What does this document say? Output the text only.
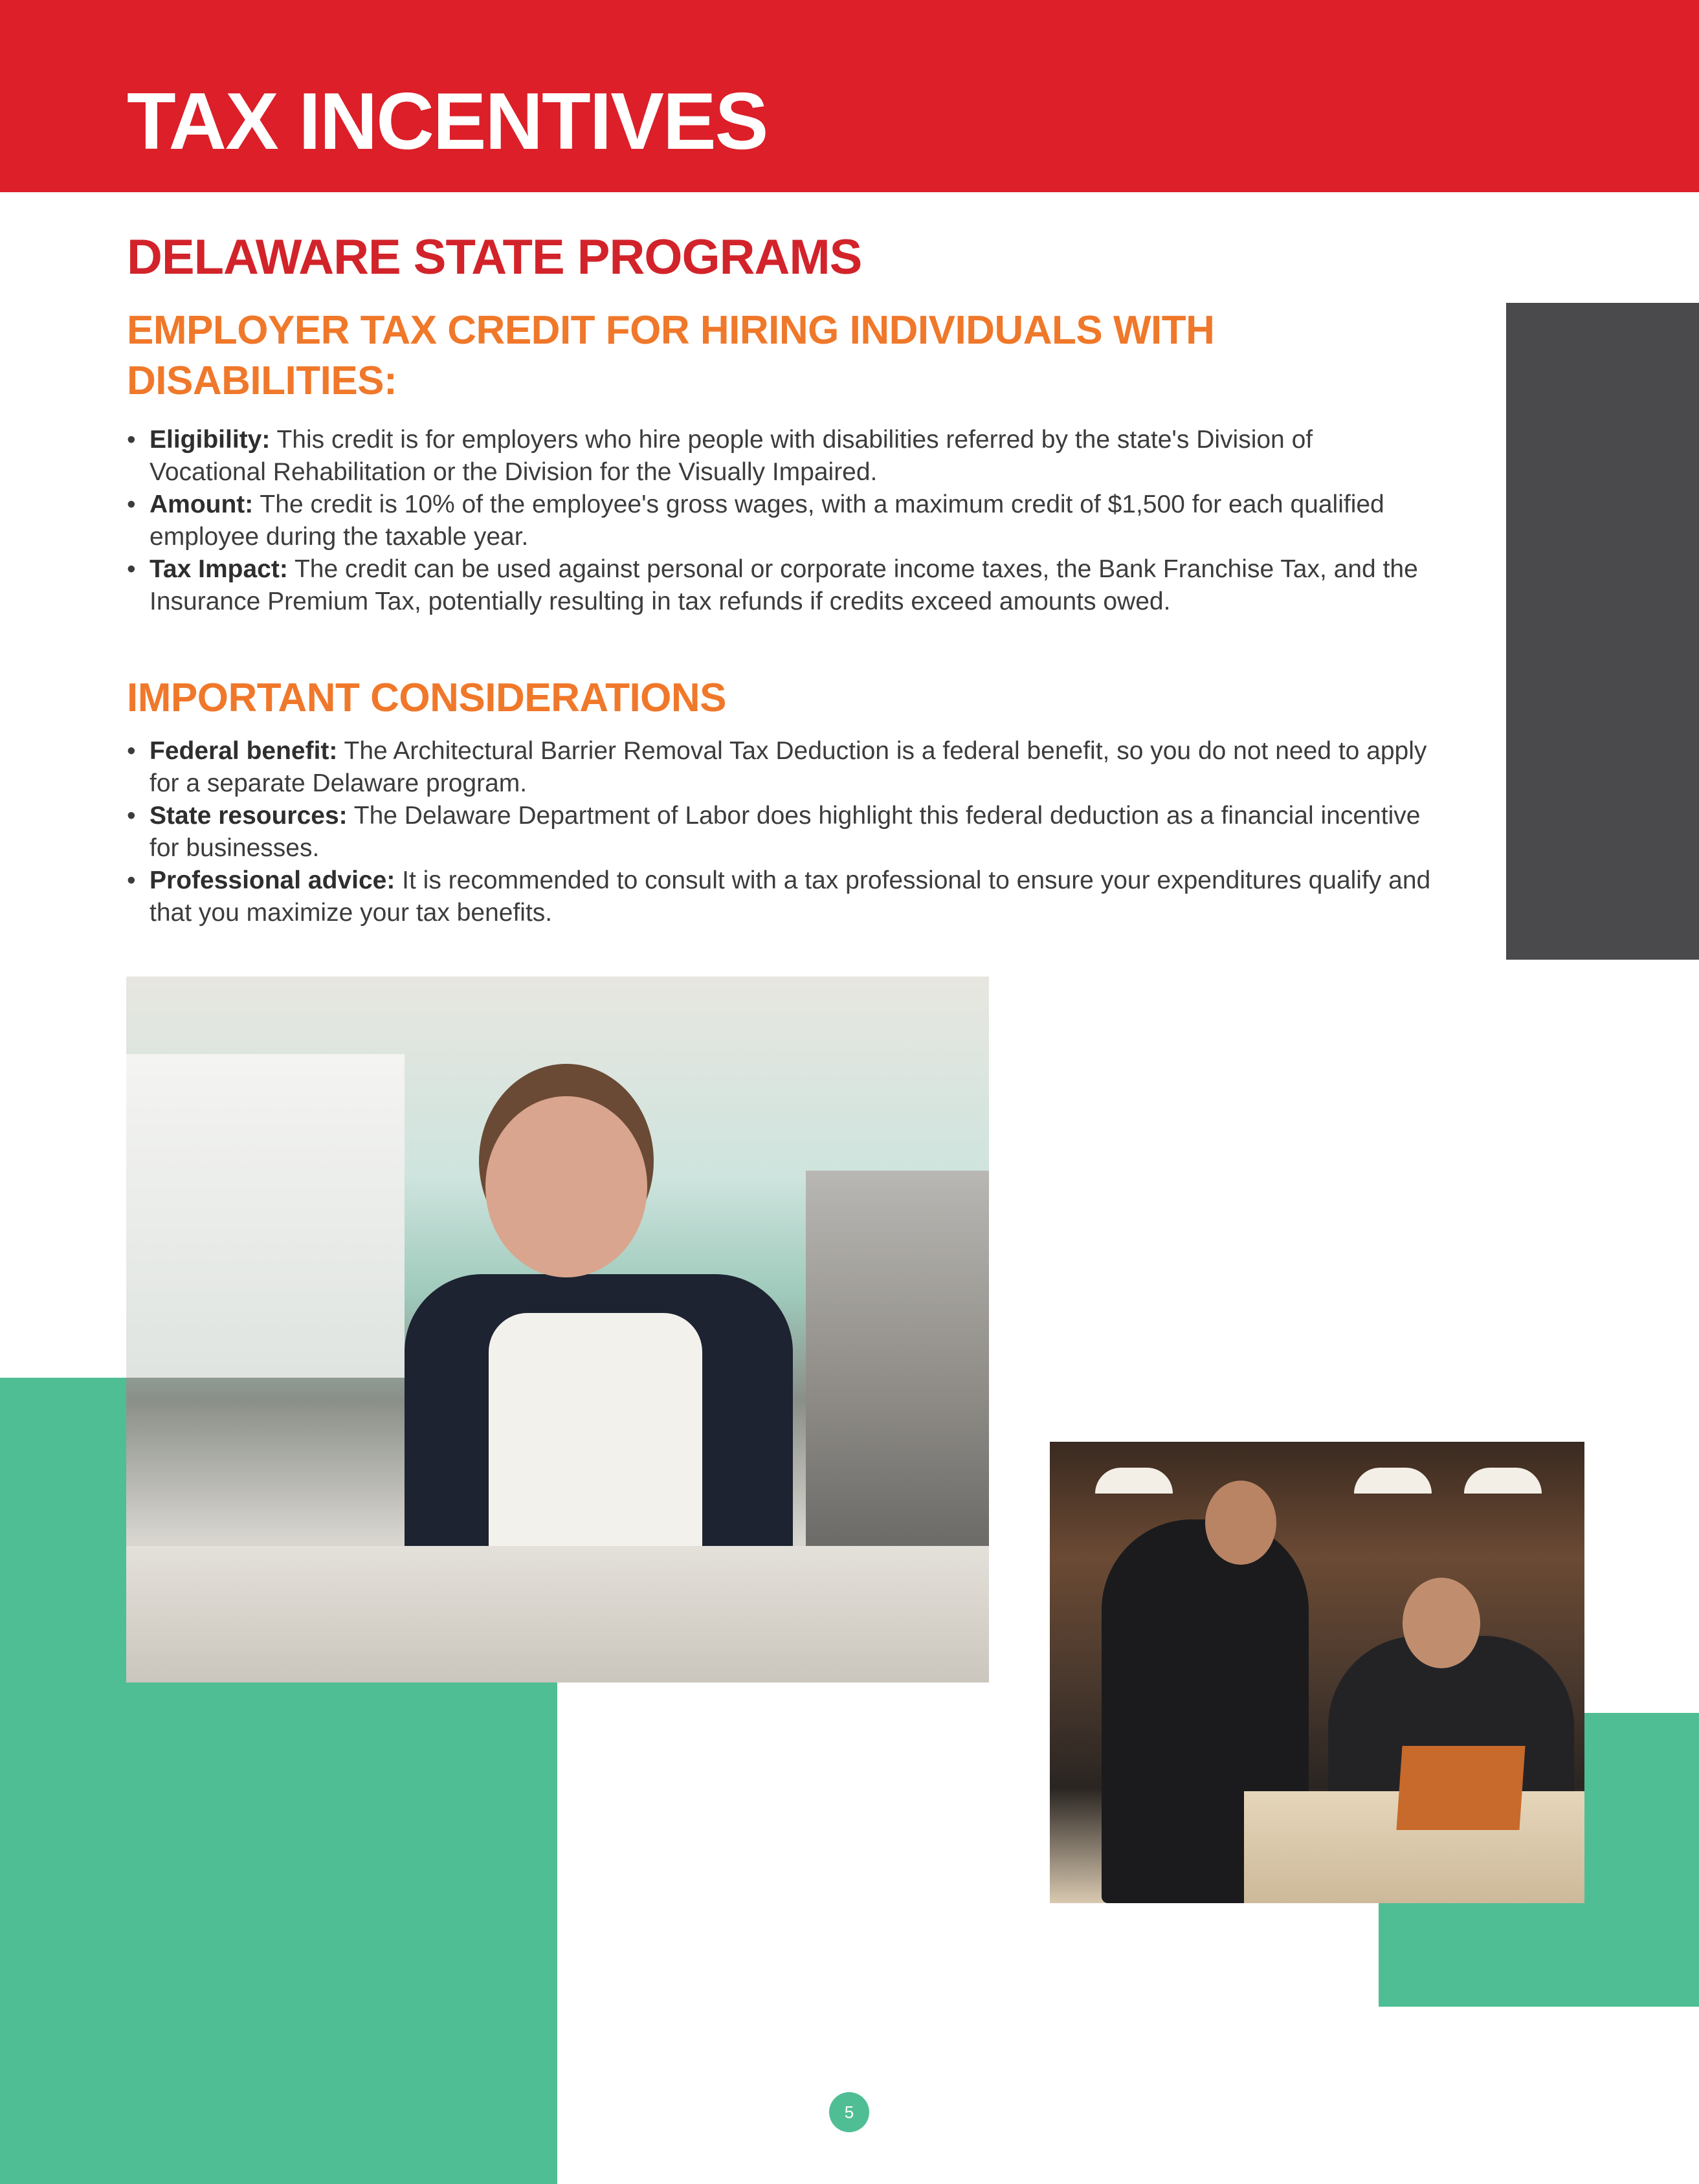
TAX INCENTIVES
DELAWARE STATE PROGRAMS
EMPLOYER TAX CREDIT FOR HIRING INDIVIDUALS WITH DISABILITIES:
• Eligibility: This credit is for employers who hire people with disabilities referred by the state's Division of Vocational Rehabilitation or the Division for the Visually Impaired.
• Amount: The credit is 10% of the employee's gross wages, with a maximum credit of $1,500 for each qualified employee during the taxable year.
• Tax Impact: The credit can be used against personal or corporate income taxes, the Bank Franchise Tax, and the Insurance Premium Tax, potentially resulting in tax refunds if credits exceed amounts owed.
IMPORTANT CONSIDERATIONS
• Federal benefit: The Architectural Barrier Removal Tax Deduction is a federal benefit, so you do not need to apply for a separate Delaware program.
• State resources: The Delaware Department of Labor does highlight this federal deduction as a financial incentive for businesses.
• Professional advice: It is recommended to consult with a tax professional to ensure your expenditures qualify and that you maximize your tax benefits.
5
